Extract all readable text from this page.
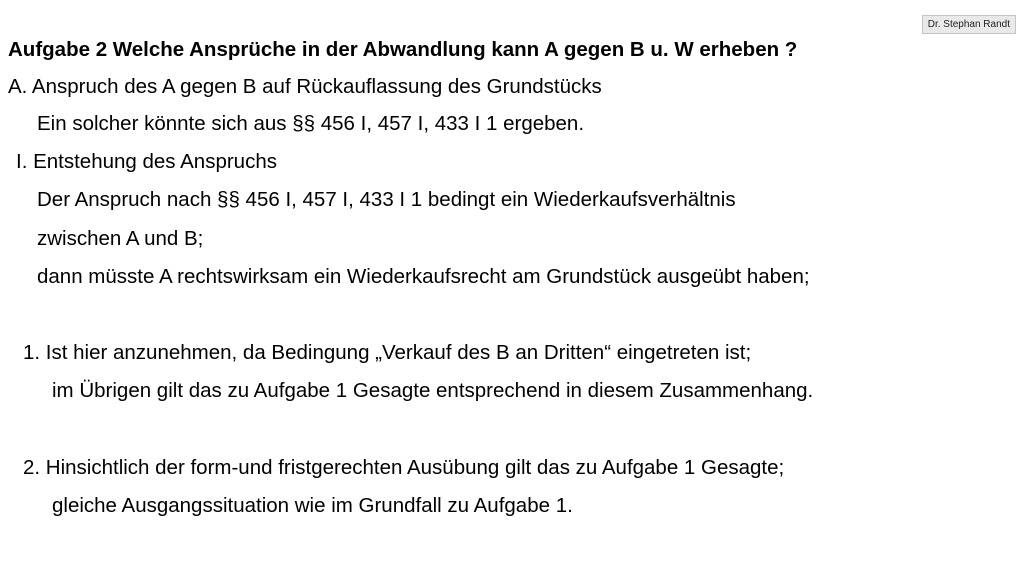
Dr. Stephan Randt
Aufgabe 2 Welche Ansprüche in der Abwandlung kann A gegen B u. W erheben ?
A. Anspruch des A gegen B auf Rückauflassung des Grundstücks
Ein solcher könnte sich aus §§ 456 I, 457 I, 433 I 1 ergeben.
I. Entstehung des Anspruchs
Der Anspruch nach §§ 456 I, 457 I, 433 I 1 bedingt ein Wiederkaufsverhältnis
zwischen A und B;
dann müsste A rechtswirksam ein Wiederkaufsrecht am Grundstück ausgeübt haben;
1. Ist hier anzunehmen, da Bedingung „Verkauf des B an Dritten“ eingetreten ist;
im Übrigen gilt das zu Aufgabe 1 Gesagte entsprechend in diesem Zusammenhang.
2. Hinsichtlich der form-und fristgerechten Ausübung gilt das zu Aufgabe 1 Gesagte;
gleiche Ausgangssituation wie im Grundfall zu Aufgabe 1.
